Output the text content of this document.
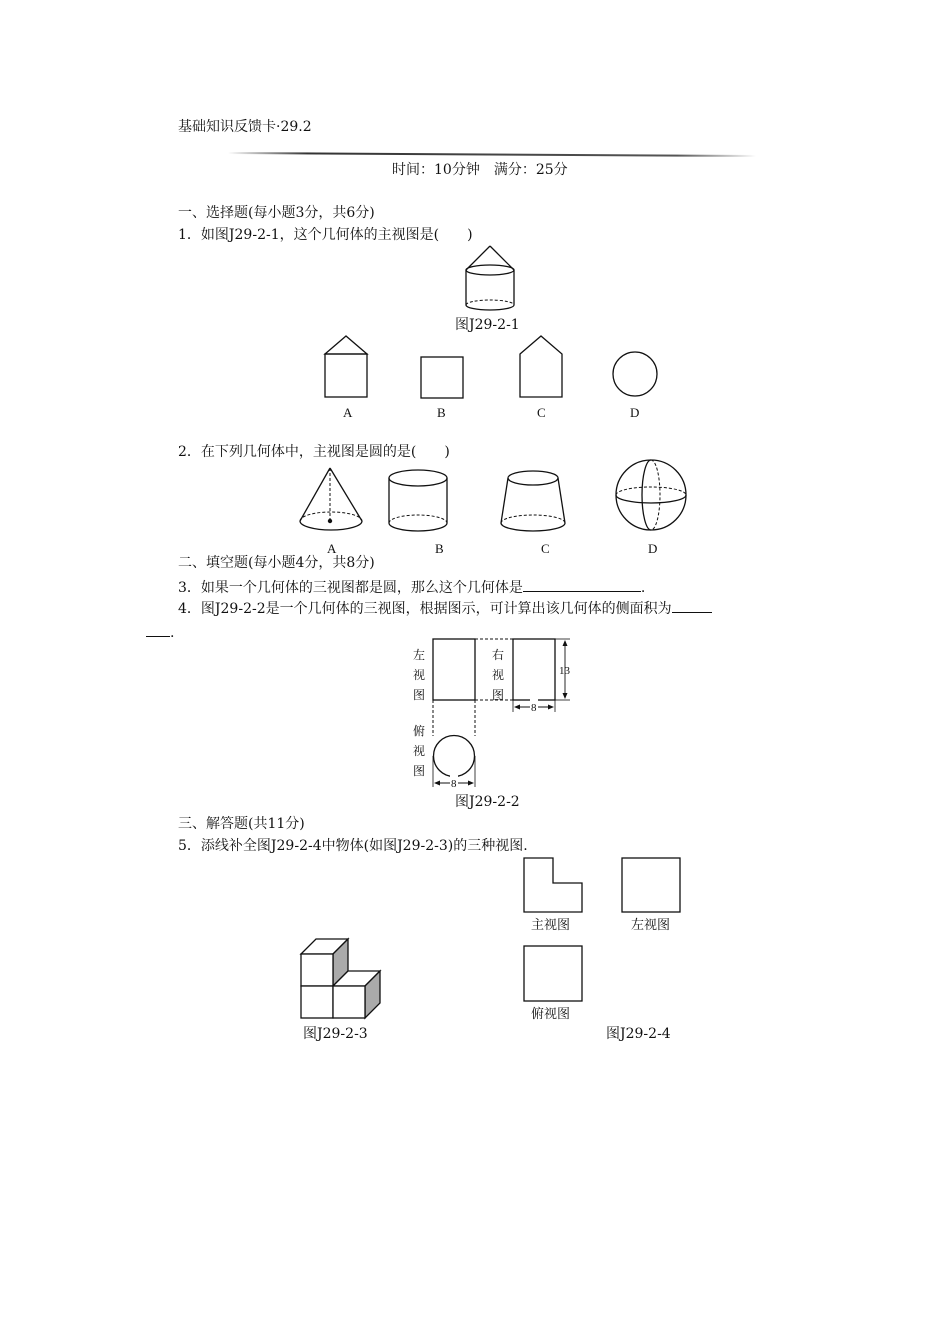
基础知识反馈卡·29.2
时间：10分钟　满分：25分
一、选择题(每小题3分，共6分)
1．如图J29-2-1，这个几何体的主视图是(　　)
图J29-2-1
A	B	C	D
2．在下列几何体中，主视图是圆的是(　　)
A	B	C	D
二、填空题(每小题4分，共8分)
3．如果一个几何体的三视图都是圆，那么这个几何体是	.
4．图J29-2-2是一个几何体的三视图，根据图示，可计算出该几何体的侧面积为
.
左视图
右视图
俯视图
13
8
8
图J29-2-2
三、解答题(共11分)
5．添线补全图J29-2-4中物体(如图J29-2-3)的三种视图.
主视图	左视图
俯视图
图J29-2-3	图J29-2-4
